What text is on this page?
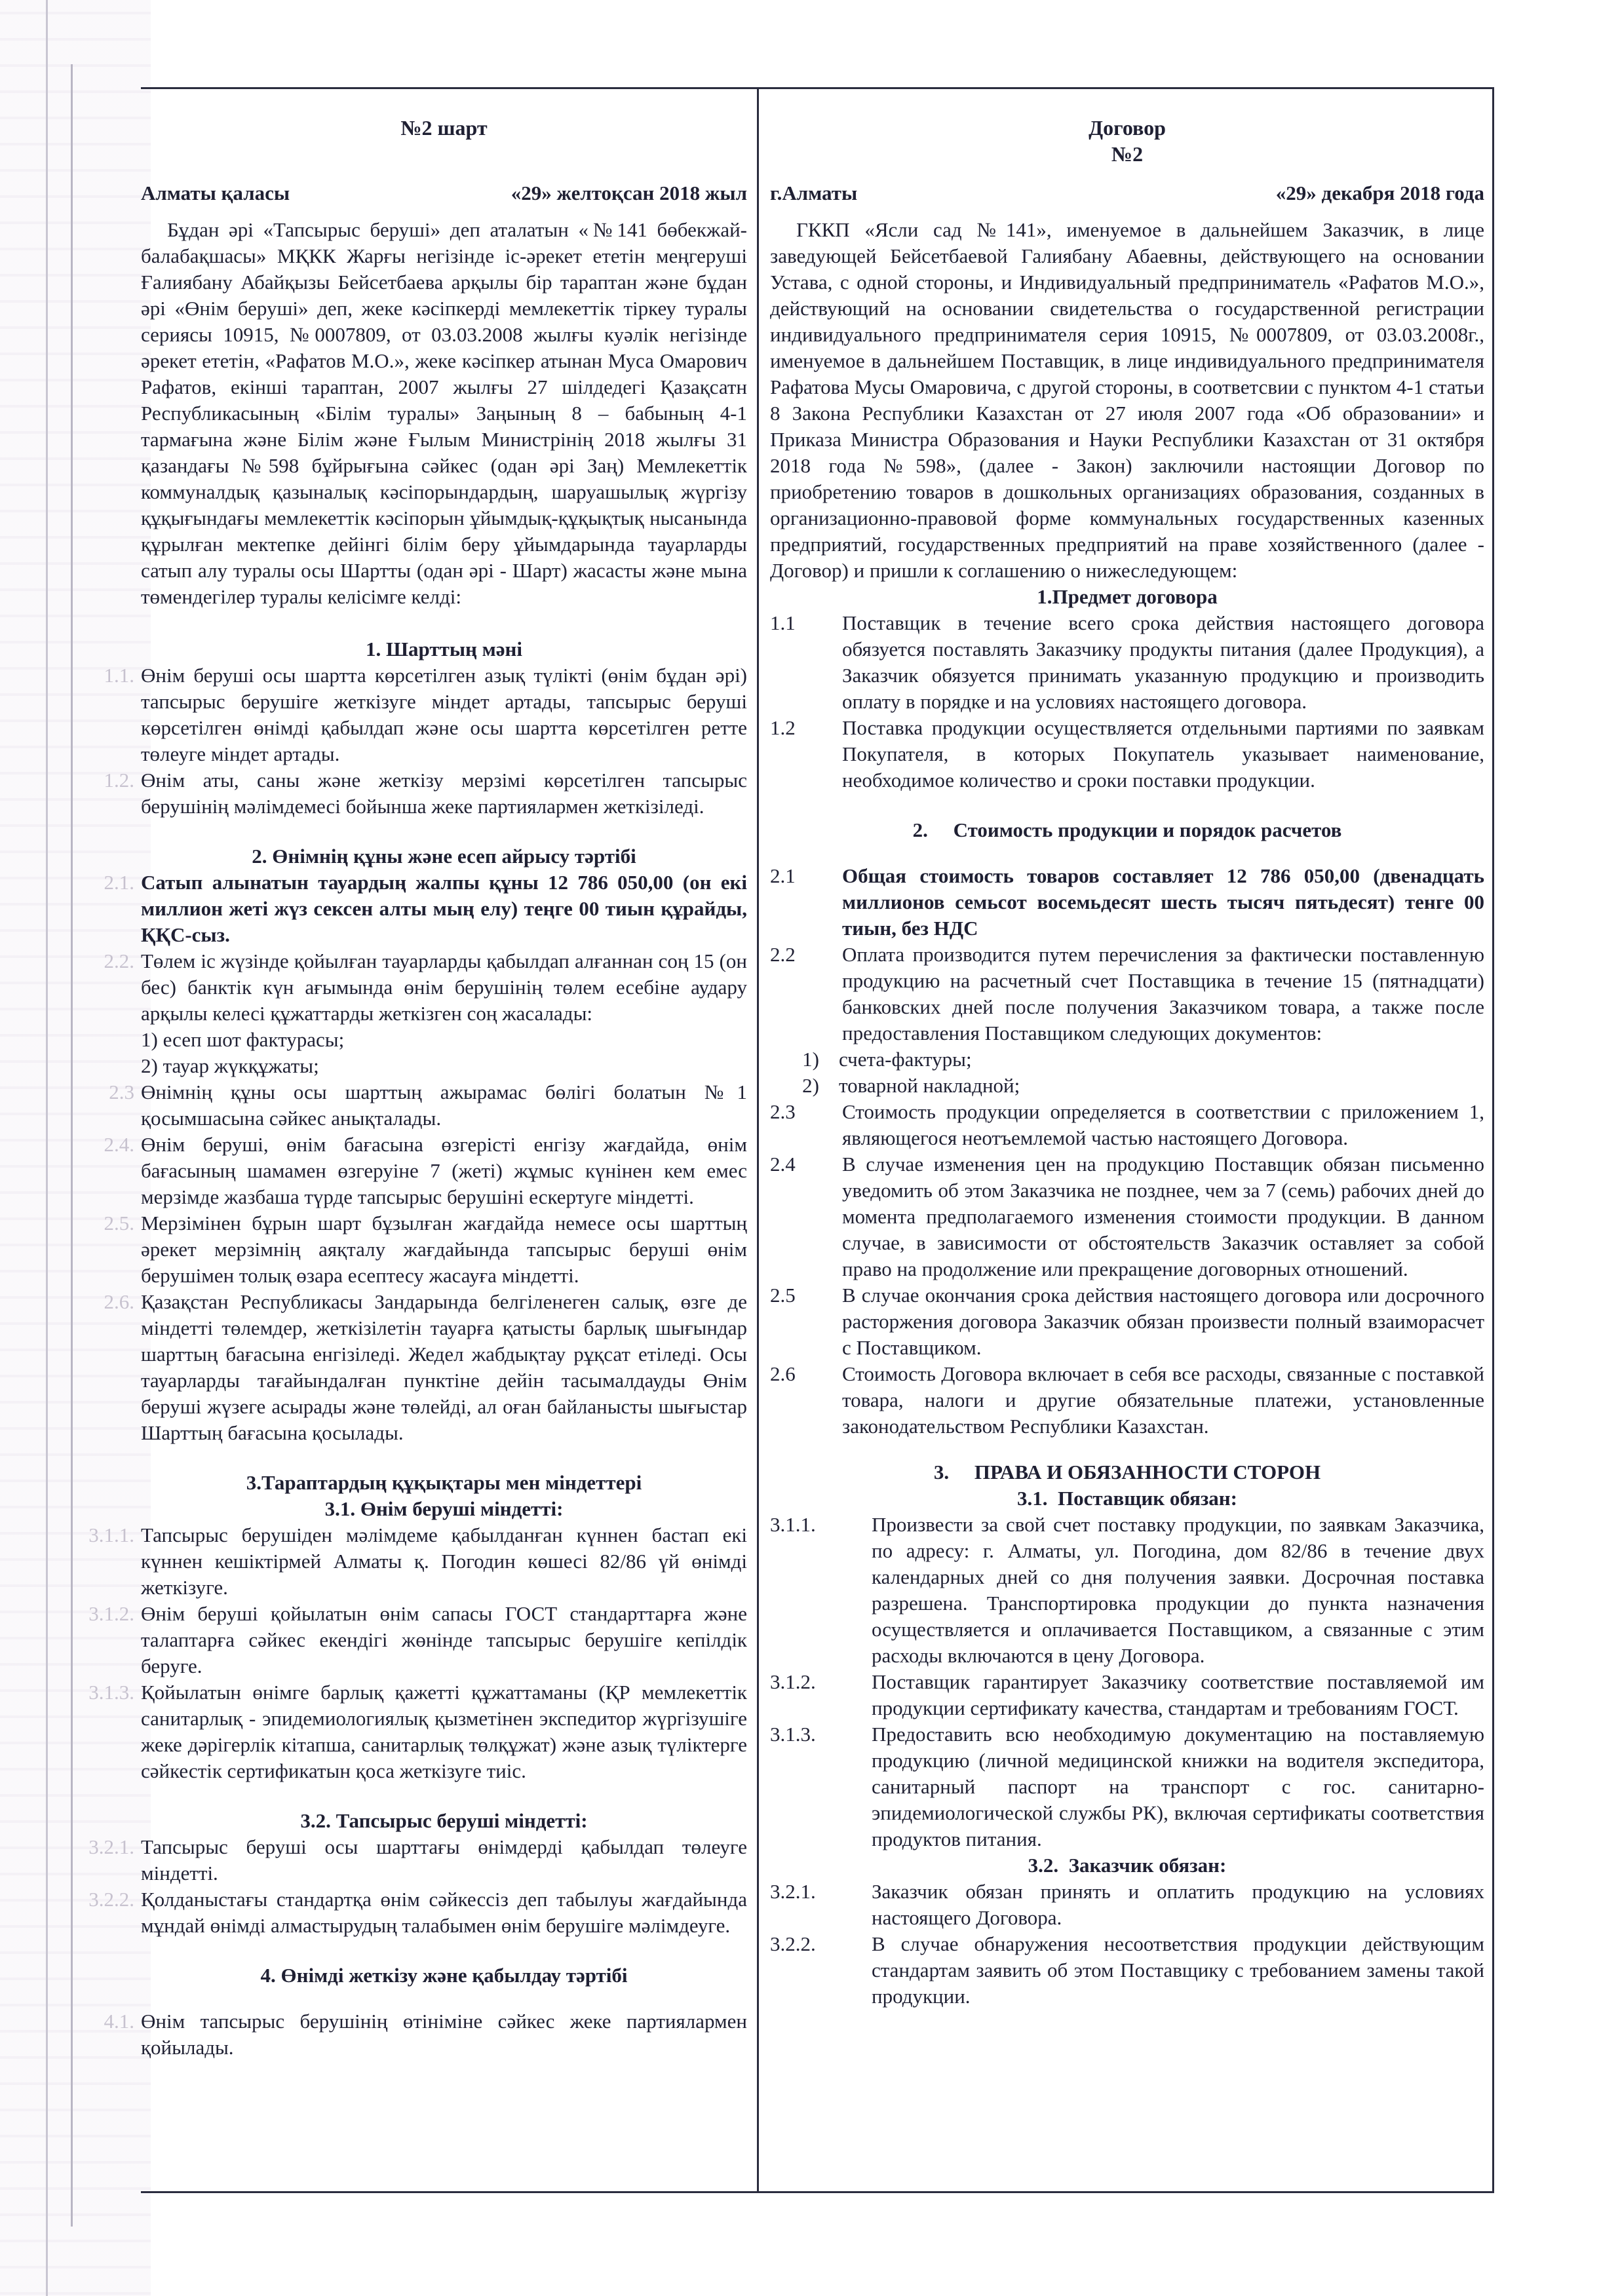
№2 шарт

Алматы қаласы	«29» желтоқсан 2018 жыл

Бұдан әрі «Тапсырыс беруші» деп аталатын «№141 бөбекжай-балабақшасы» МҚКК Жарғы негізінде іс-әрекет ететін меңгеруші Ғалиябану Абайқызы Бейсетбаева арқылы бір тараптан және бұдан әрі «Өнім беруші» деп, жеке кәсіпкерді мемлекеттік тіркеу туралы сериясы 10915, №0007809, от 03.03.2008 жылғы куәлік негізінде әрекет ететін, «Рафатов М.О.», жеке кәсіпкер атынан Муса Омарович Рафатов, екінші тараптан, 2007 жылғы 27 шілдедегі Қазақсатн Республикасының «Білім туралы» Заңының 8 – бабының 4-1 тармағына және Білім және Ғылым Министрінің 2018 жылғы 31 қазандағы №598 бұйрығына сәйкес (одан әрі Заң) Мемлекеттік коммуналдық қазыналық кәсіпорындардың, шаруашылық жүргізу құқығындағы мемлекеттік кәсіпорын ұйымдық-құқықтық нысанында құрылған мектепке дейінгі білім беру ұйымдарында тауарларды сатып алу туралы осы Шартты (одан әрі - Шарт) жасасты және мына төмендегілер туралы келісімге келді:

1. Шарттың мәні

1.1. Өнім беруші осы шартта көрсетілген азық түлікті (өнім бұдан әрі) тапсырыс берушіге жеткізуге міндет артады, тапсырыс беруші көрсетілген өнімді қабылдап және осы шартта көрсетілген ретте төлеуге міндет артады.

1.2. Өнім аты, саны және жеткізу мерзімі көрсетілген тапсырыс берушінің мәлімдемесі бойынша жеке партиялармен жеткізіледі.

2. Өнімнің құны және есеп айрысу тәртібі

2.1. Сатып алынатын тауардың жалпы құны 12 786 050,00 (он екі миллион жеті жүз сексен алты мың елу) теңге 00 тиын құрайды, ҚҚС-сыз.

2.2. Төлем іс жүзінде қойылған тауарларды қабылдап алғаннан соң 15 (он бес) банктік күн ағымында өнім берушінің төлем есебіне аудару арқылы келесі құжаттарды жеткізген соң жасалады:

1) есеп шот фактурасы;

2) тауар жүкқұжаты;

2.3 Өнімнің құны осы шарттың ажырамас бөлігі болатын №1 қосымшасына сәйкес анықталады.

2.4. Өнім беруші, өнім бағасына өзгерісті енгізу жағдайда, өнім бағасының шамамен өзгеруіне 7 (жеті) жұмыс күнінен кем емес мерзімде жазбаша түрде тапсырыс берушіні ескертуге міндетті.

2.5. Мерзімінен бұрын шарт бұзылған жағдайда немесе осы шарттың әрекет мерзімнің аяқталу жағдайында тапсырыс беруші өнім берушімен толық өзара есептесу жасауға міндетті.

2.6. Қазақстан Республикасы Зандарында белгіленеген салық, өзге де міндетті төлемдер, жеткізілетін тауарға қатысты барлық шығындар шарттың бағасына енгізіледі. Жедел жабдықтау рұқсат етіледі. Осы тауарларды тағайындалған пунктіне дейін тасымалдауды Өнім беруші жүзеге асырады және төлейді, ал оған байланысты шығыстар Шарттың бағасына қосылады.

3.Тараптардың құқықтары мен міндеттері

3.1. Өнім беруші міндетті:

3.1.1. Тапсырыс берушіден мәлімдеме қабылданған күннен бастап екі күннен кешіктірмей Алматы қ. Погодин көшесі 82/86 үй өнімді жеткізуге.

3.1.2. Өнім беруші қойылатын өнім сапасы ГОСТ стандарттарға және талаптарға сәйкес екендігі жөнінде тапсырыс берушіге кепілдік беруге.

3.1.3. Қойылатын өнімге барлық қажетті құжаттаманы (ҚР мемлекеттік санитарлық - эпидемиологиялық қызметінен экспедитор жүргізушіге жеке дәрігерлік кітапша, санитарлық төлқұжат) және азық түліктерге сәйкестік сертификатын қоса жеткізуге тиіс.

3.2. Тапсырыс беруші міндетті:

3.2.1. Тапсырыс беруші осы шарттағы өнімдерді қабылдап төлеуге міндетті.

3.2.2. Қолданыстағы стандартқа өнім сәйкессіз деп табылуы жағдайында мұндай өнімді алмастырудың талабымен өнім берушіге мәлімдеуге.

4. Өнімді жеткізу және қабылдау тәртібі

4.1. Өнім тапсырыс берушінің өтініміне сәйкес жеке партиялармен қойылады.

Договор

№2

г.Алматы	«29» декабря 2018 года

ГККП «Ясли сад №141», именуемое в дальнейшем Заказчик, в лице заведующей Бейсетбаевой Галиябану Абаевны, действующего на основании Устава, с одной стороны, и Индивидуальный предприниматель «Рафатов М.О.», действующий на основании свидетельства о государственной регистрации индивидуального предпринимателя серия 10915, №0007809, от 03.03.2008г., именуемое в дальнейшем Поставщик, в лице индивидуального предпринимателя Рафатова Мусы Омаровича, с другой стороны, в соответсвии с пунктом 4-1 статьи 8 Закона Республики Казахстан от 27 июля 2007 года «Об образовании» и Приказа Министра Образования и Науки Республики Казахстан от 31 октября 2018 года №598», (далее - Закон) заключили настоящии Договор по приобретению товаров в дошкольных организациях образования, созданных в организационно-правовой форме коммунальных государственных казенных предприятий, государственных предприятий на праве хозяйственного (далее - Договор) и пришли к соглашению о нижеследующем:

1.Предмет договора

1.1	Поставщик в течение всего срока действия настоящего договора обязуется поставлять Заказчику продукты питания (далее Продукция), а Заказчик обязуется принимать указанную продукцию и производить оплату в порядке и на условиях настоящего договора.
1.2	Поставка продукции осуществляется отдельными партиями по заявкам Покупателя, в которых Покупатель указывает наименование, необходимое количество и сроки поставки продукции.

2.     Стоимость продукции и порядок расчетов

2.1	Общая стоимость товаров составляет 12 786 050,00 (двенадцать миллионов семьсот восемьдесят шесть тысяч пятьдесят) тенге 00 тиын, без НДС
2.2	Оплата производится путем перечисления за фактически поставленную продукцию на расчетный счет Поставщика в течение 15 (пятнадцати) банковских дней после получения Заказчиком товара, а также после предоставления Поставщиком следующих документов:
1) счета-фактуры;
2) товарной накладной;
2.3	Стоимость продукции определяется в соответствии с приложением 1, являющегося неотъемлемой частью настоящего Договора.
2.4	В случае изменения цен на продукцию Поставщик обязан письменно уведомить об этом Заказчика не позднее, чем за 7 (семь) рабочих дней до момента предполагаемого изменения стоимости продукции. В данном случае, в зависимости от обстоятельств Заказчик оставляет за собой право на продолжение или прекращение договорных отношений.
2.5	В случае окончания срока действия настоящего договора или досрочного расторжения договора Заказчик обязан произвести полный взаиморасчет с Поставщиком.
2.6	Стоимость Договора включает в себя все расходы, связанные с поставкой товара, налоги и другие обязательные платежи, установленные законодательством Республики Казахстан.

3.     ПРАВА И ОБЯЗАННОСТИ СТОРОН

3.1.  Поставщик обязан:

3.1.1.	Произвести за свой счет поставку продукции, по заявкам Заказчика, по адресу: г. Алматы, ул. Погодина, дом 82/86 в течение двух календарных дней со дня получения заявки. Досрочная поставка разрешена. Транспортировка продукции до пункта назначения осуществляется и оплачивается Поставщиком, а связанные с этим расходы включаются в цену Договора.
3.1.2.	Поставщик гарантирует Заказчику соответствие поставляемой им продукции сертификату качества, стандартам и требованиям ГОСТ.
3.1.3.	Предоставить всю необходимую документацию на поставляемую продукцию (личной медицинской книжки на водителя экспедитора, санитарный паспорт на транспорт с гос. санитарно-эпидемиологической службы РК), включая сертификаты соответствия продуктов питания.

3.2.  Заказчик обязан:

3.2.1.	Заказчик обязан принять и оплатить продукцию на условиях настоящего Договора.
3.2.2.	В случае обнаружения несоответствия продукции действующим стандартам заявить об этом Поставщику с требованием замены такой продукции.
